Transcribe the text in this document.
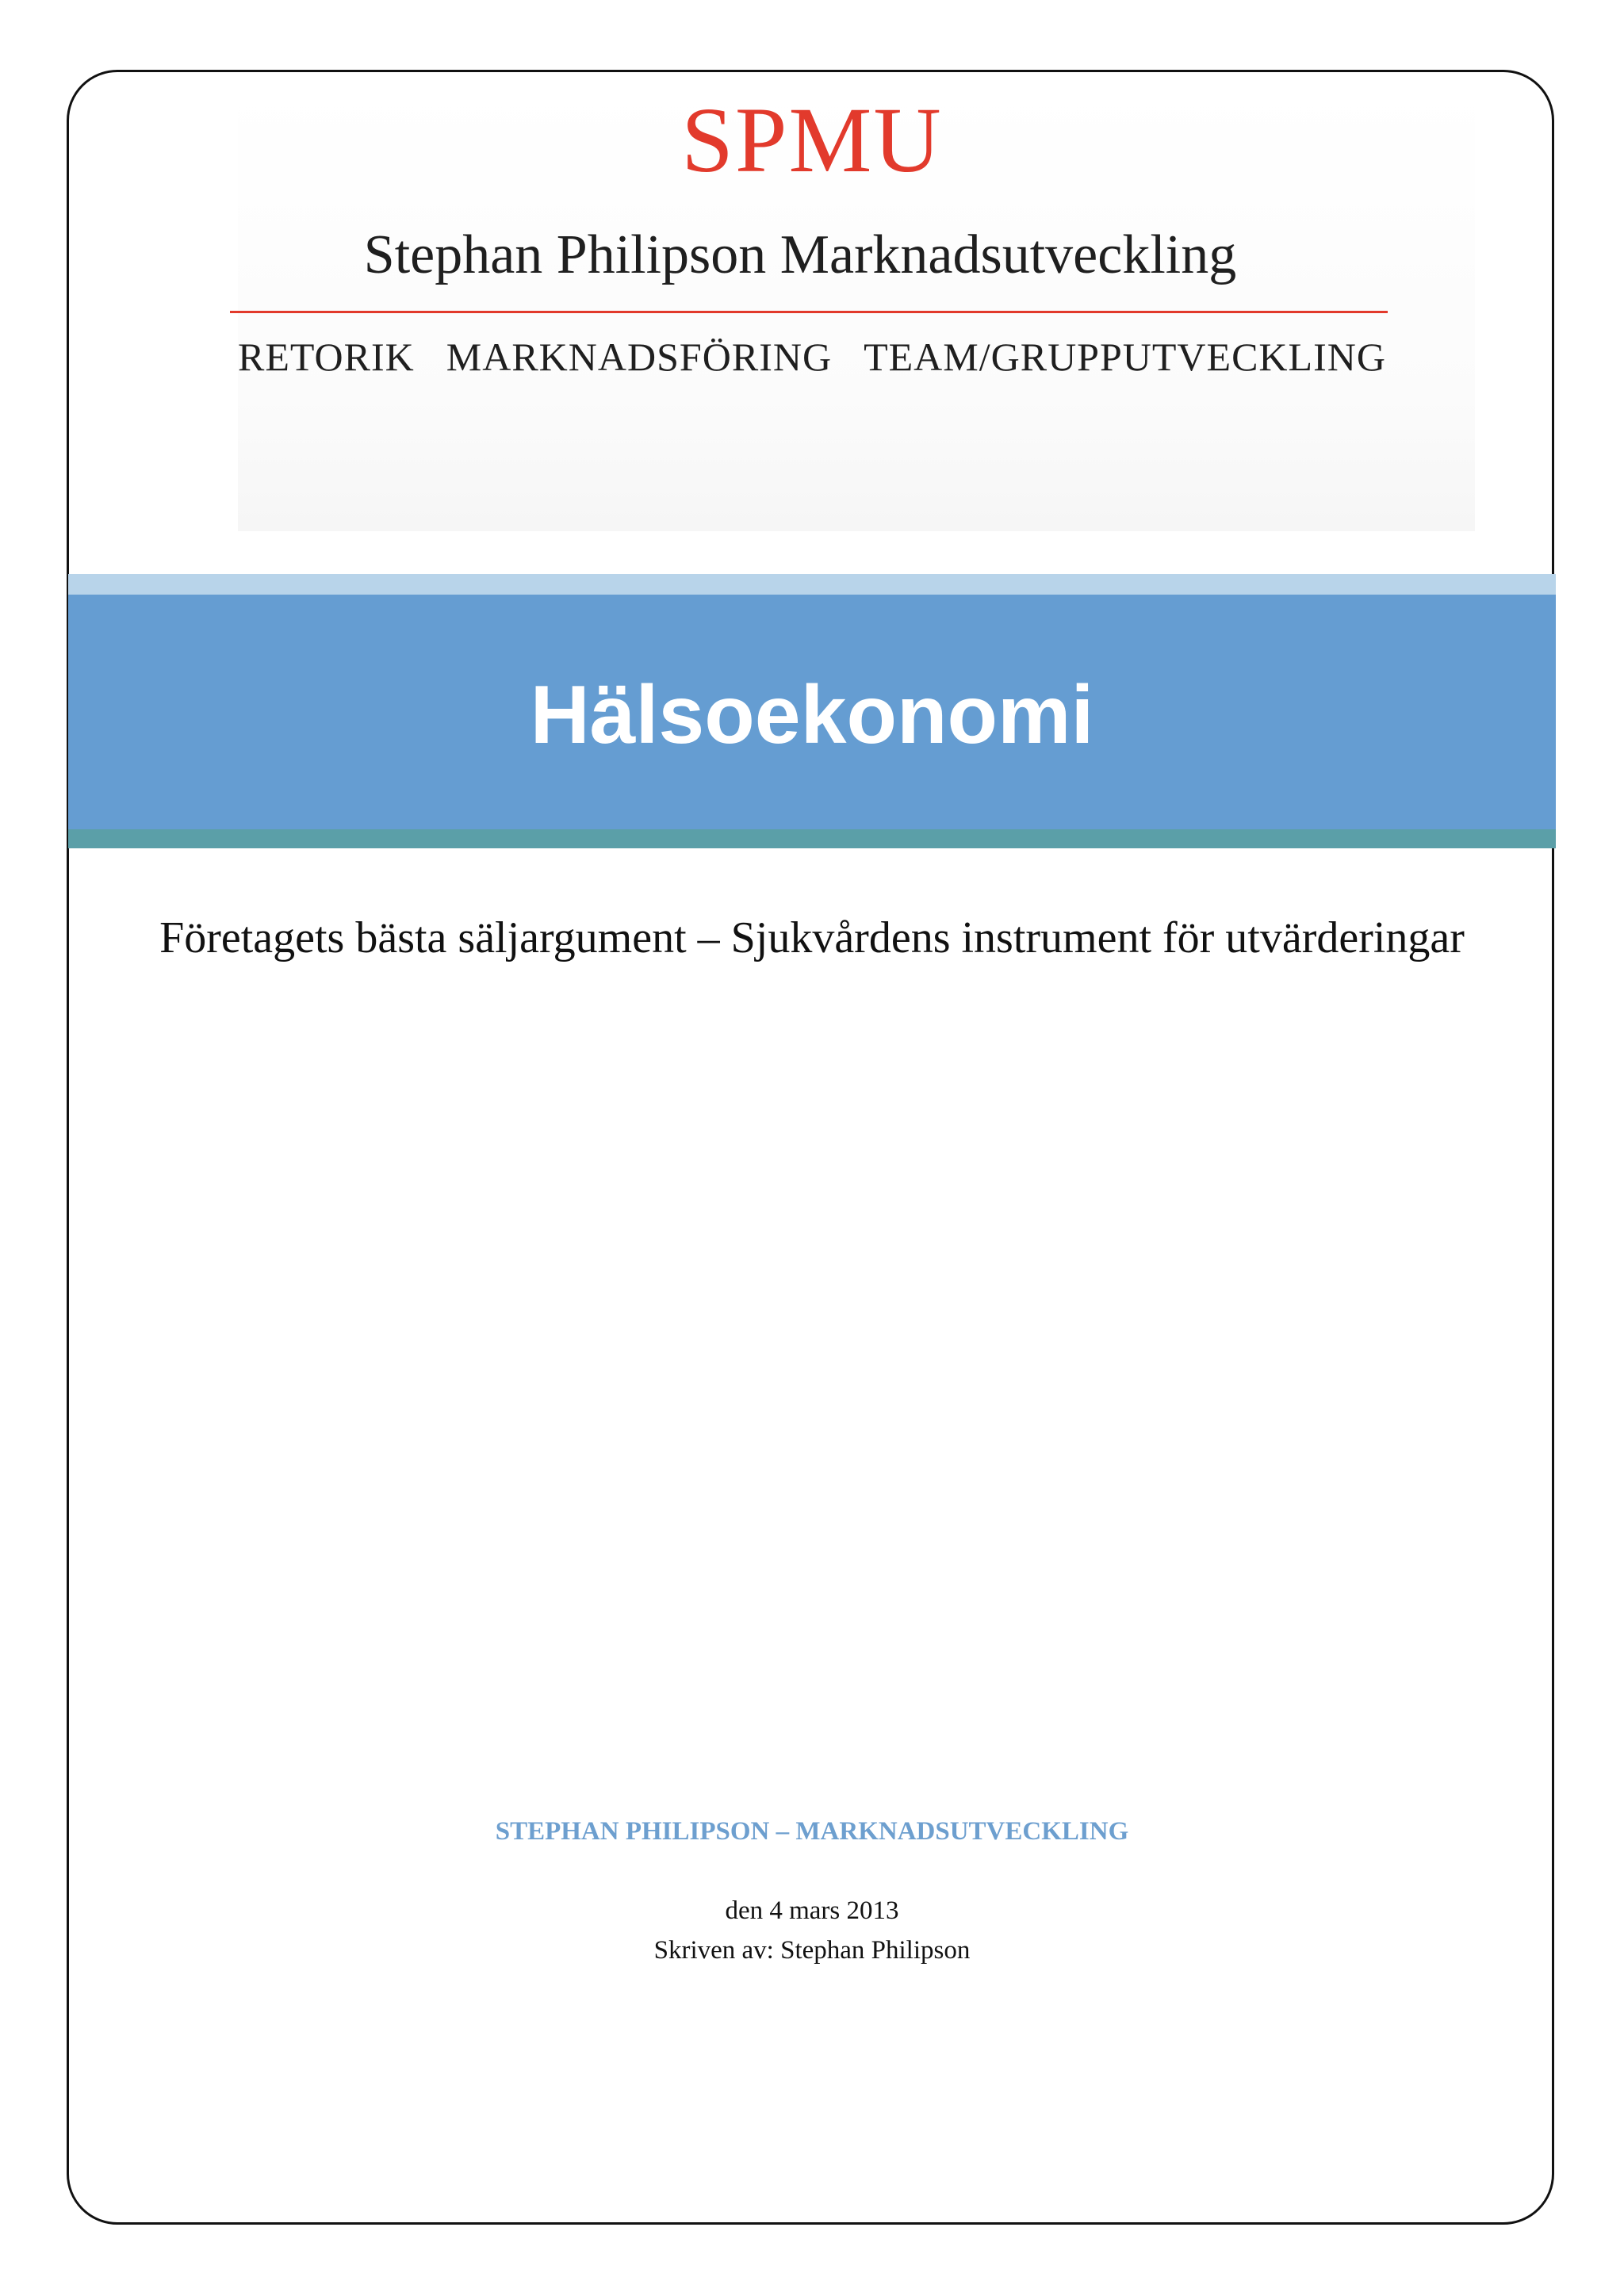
SPMU

Stephan Philipson Marknadsutveckling

RETORIK MARKNADSFÖRING TEAM/GRUPPUTVECKLING

Hälsoekonomi

Företagets bästa säljargument – Sjukvårdens instrument för utvärderingar

STEPHAN PHILIPSON – MARKNADSUTVECKLING

den 4 mars 2013

Skriven av: Stephan Philipson
